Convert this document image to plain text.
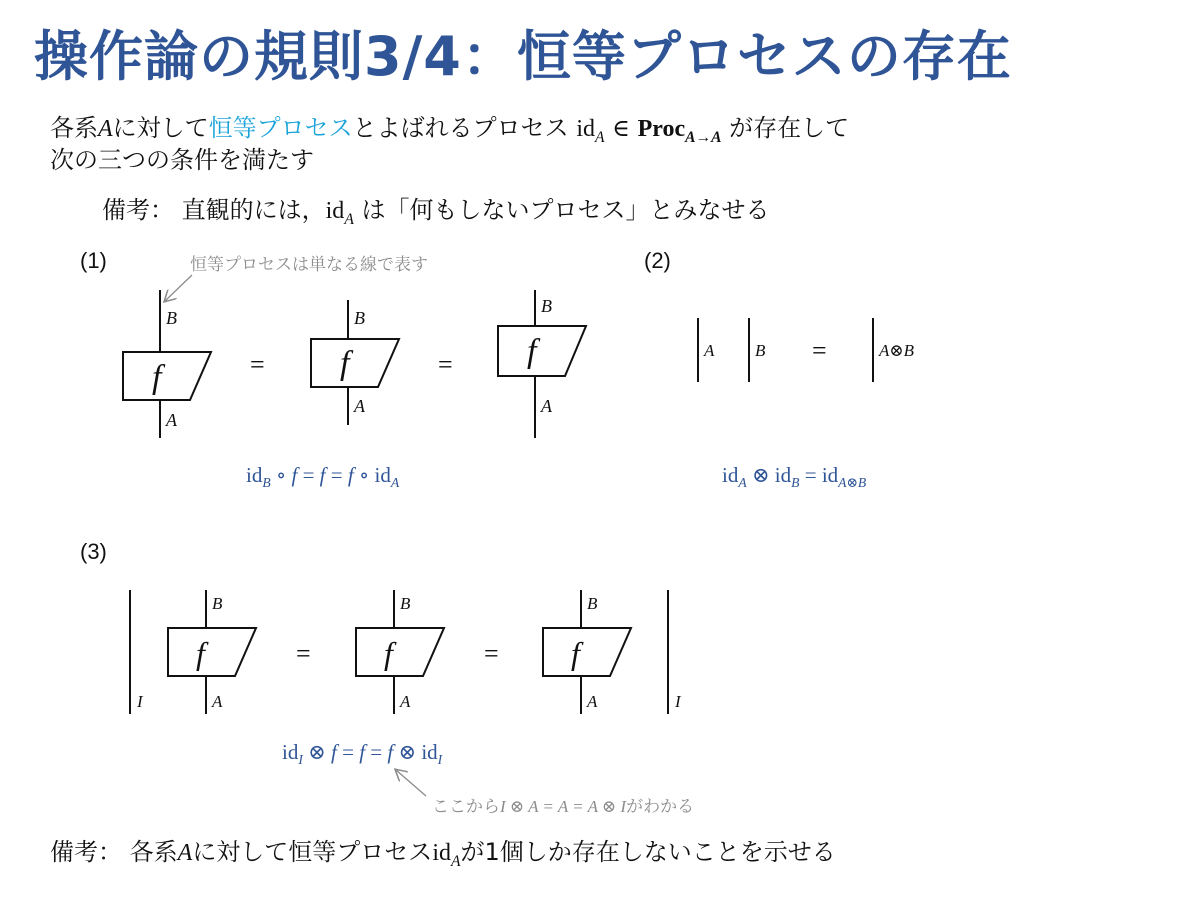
操作論の規則3/4：恒等プロセスの存在
各系Aに対して恒等プロセスとよばれるプロセス $id_A$ ∈ Proc$_{A\to A}$ が存在して
次の三つの条件を満たす
備考： 直観的には，$id_A$ は「何もしないプロセス」とみなせる
(1)	(2)
(3)
恒等プロセスは単なる線で表す
ここからI ⊗ A = A = A ⊗ Iがわかる
B
A
f
B
A
f
B
A
f	A B	A⊗B
I
B
A
f
B
A
f
B
A
f
I
=	=	=
=	=
$id_B$ ∘ f = f = f ∘ $id_A$	$id_A$ ⊗ $id_B = id_{A\otimes B}$
$id_I$ ⊗ f = f = f ⊗ $id_I$
備考： 各系Aに対して恒等プロセス$id_A$が1個しか存在しないことを示せる
